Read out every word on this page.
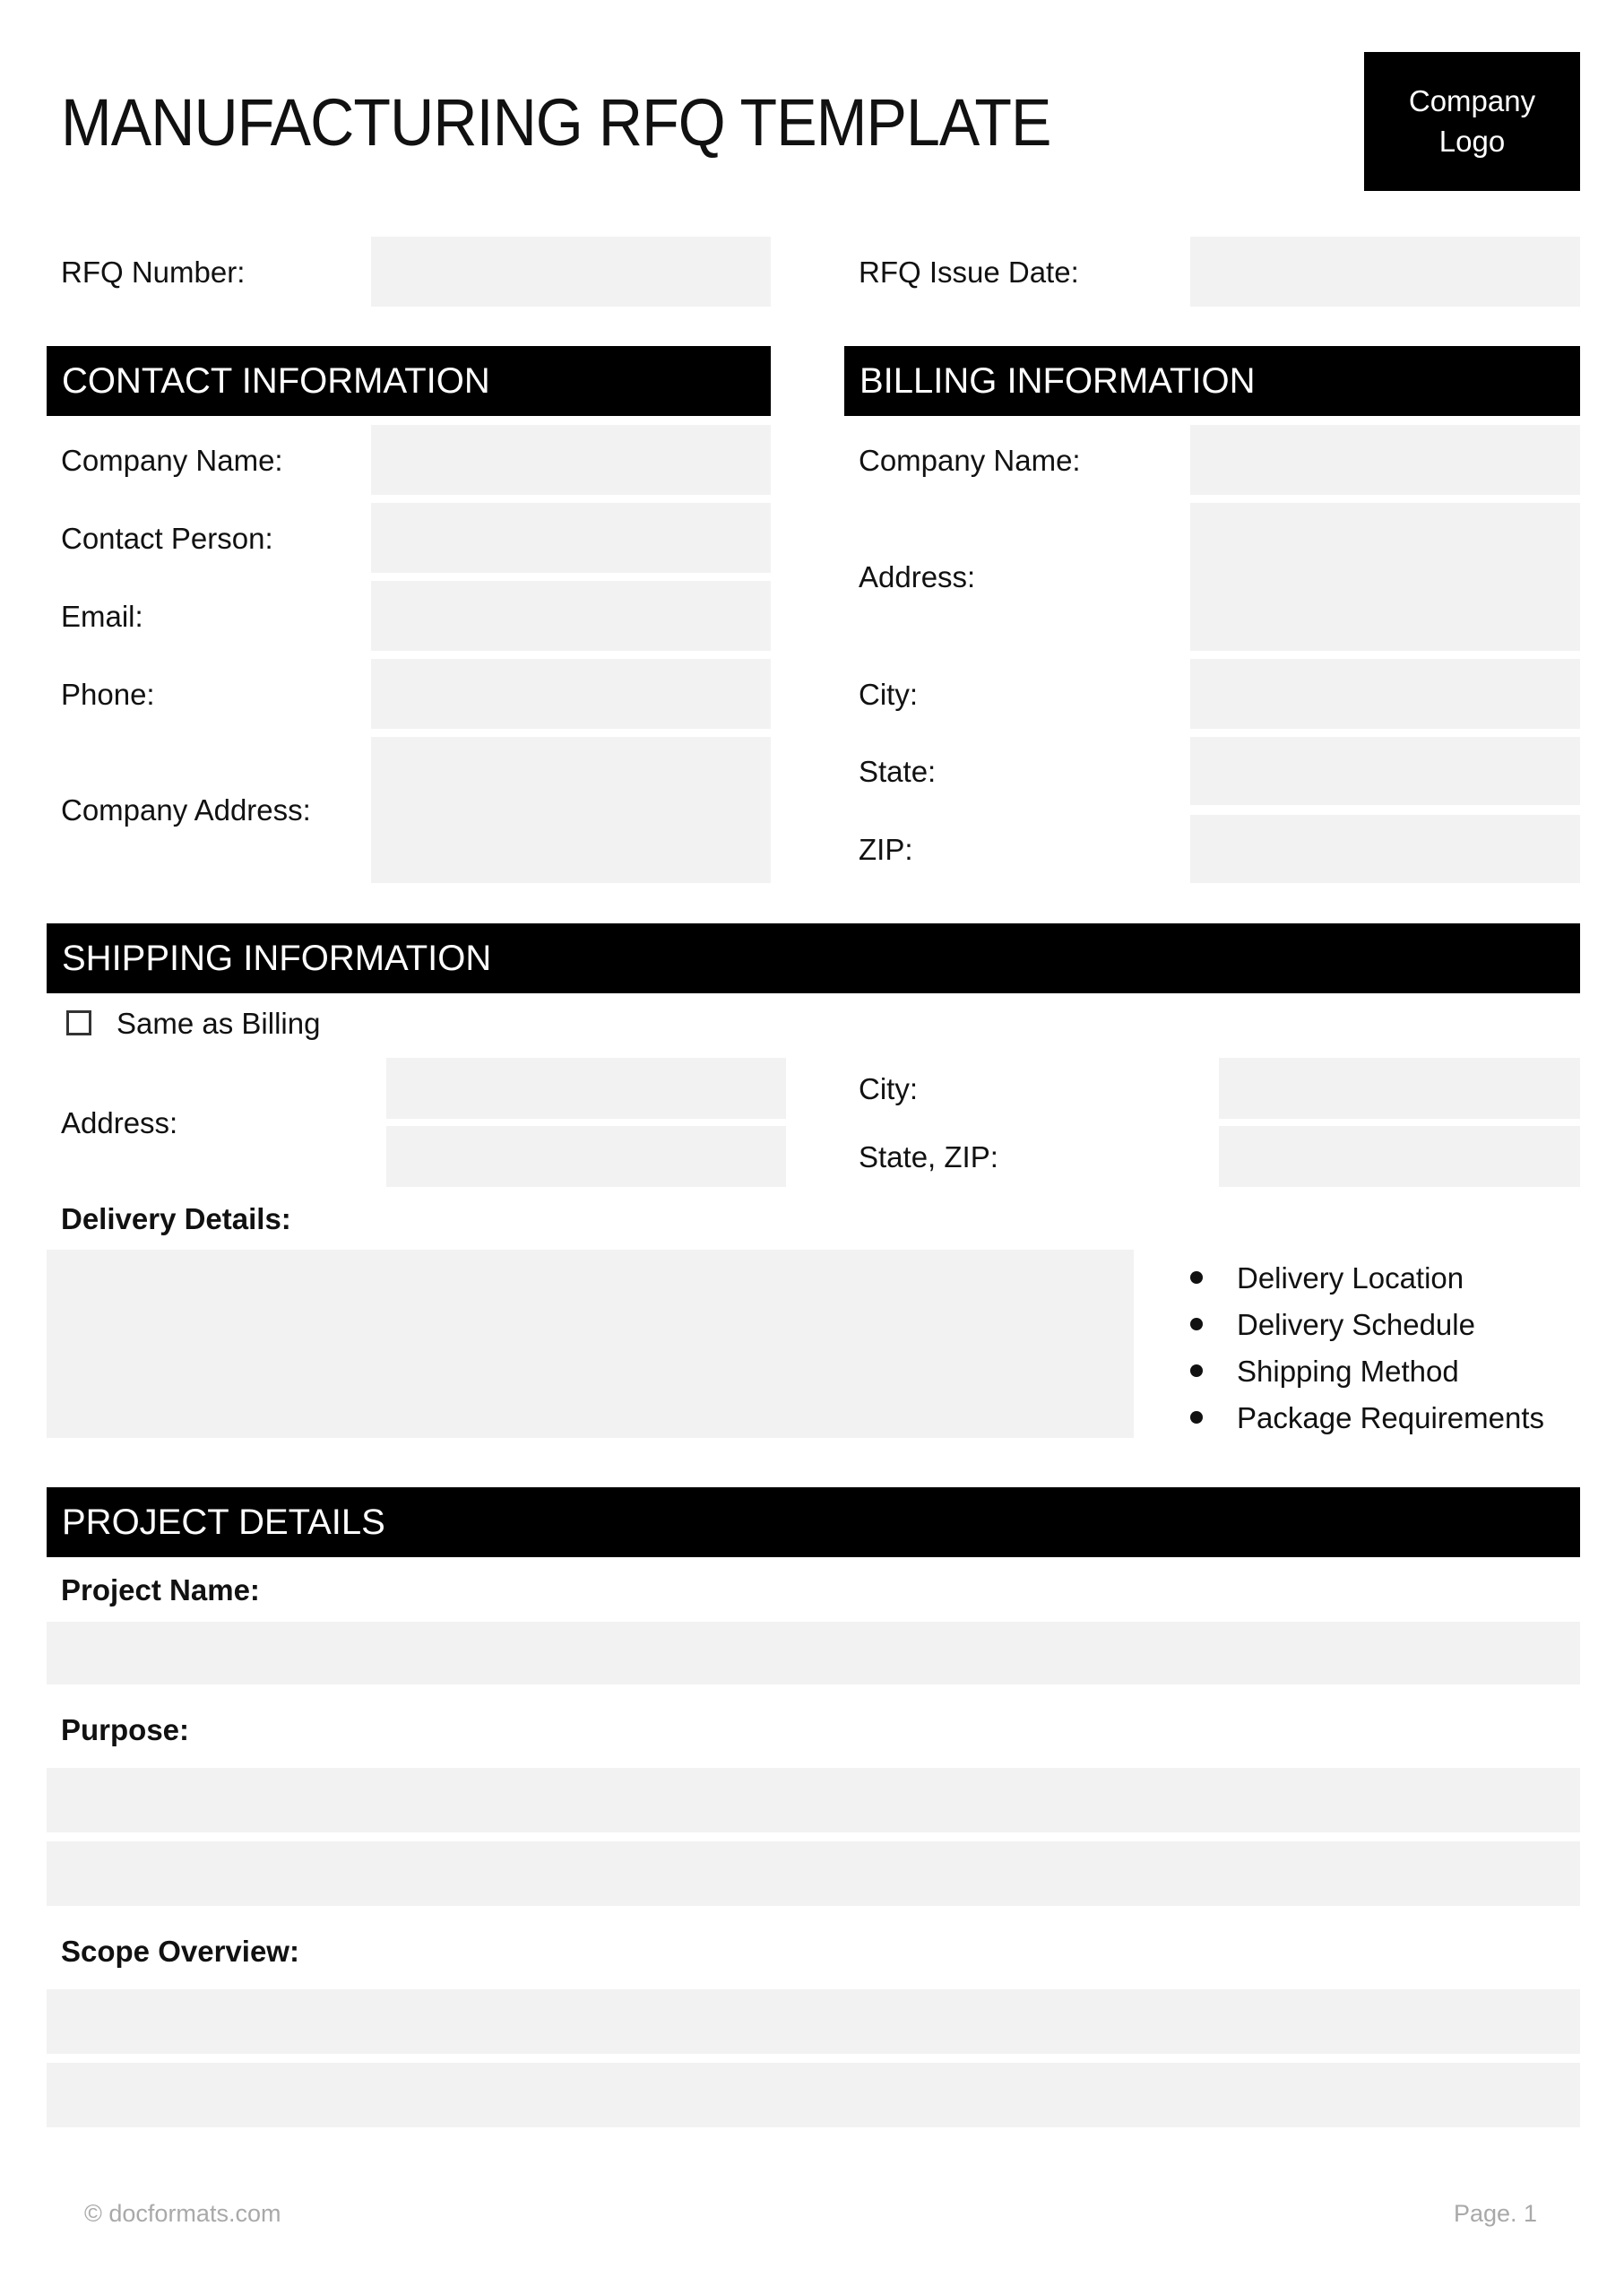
MANUFACTURING RFQ TEMPLATE	Company
Logo
RFQ Number:	RFQ Issue Date:
CONTACT INFORMATION
Company Name:
Contact Person:
Email:
Phone:
Company Address:
BILLING INFORMATION
Company Name:
Address:
City:
State:
ZIP:
SHIPPING INFORMATION
Same as Billing
Address:
City:
State, ZIP:
Delivery Details:
Delivery Location
Delivery Schedule
Shipping Method
Package Requirements
PROJECT DETAILS
Project Name:
Purpose:
Scope Overview:
© docformats.com	Page. 1
